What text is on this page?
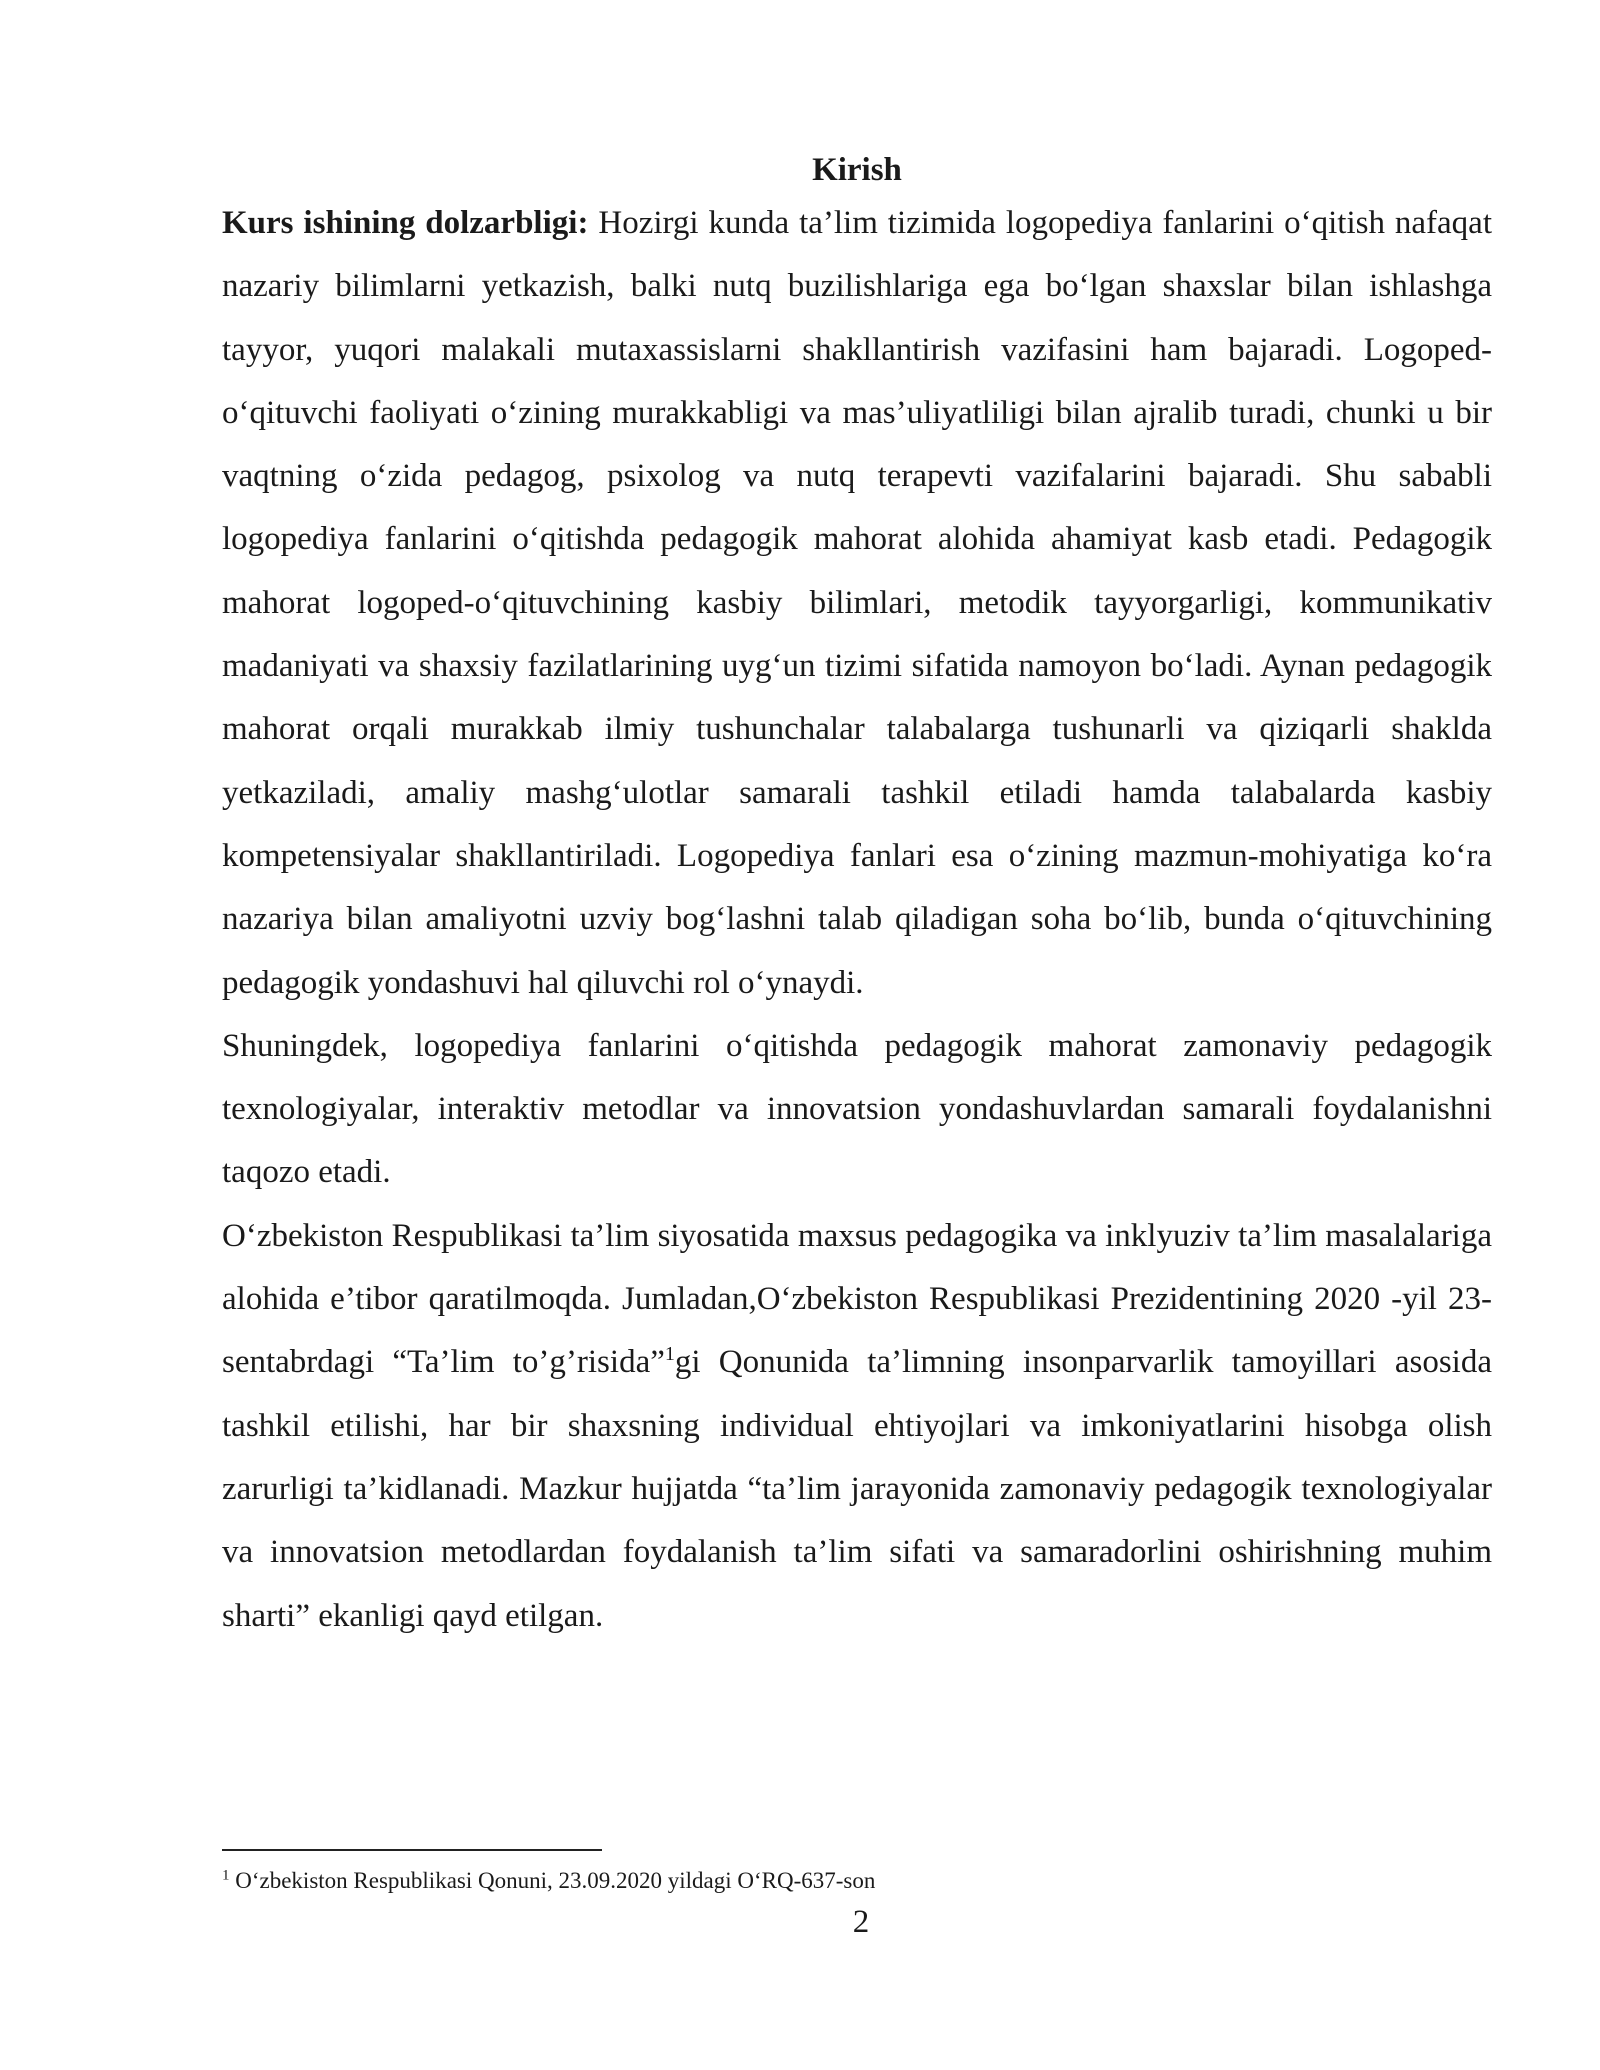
Kirish

Kurs ishining dolzarbligi: Hozirgi kunda ta’lim tizimida logopediya fanlarini o‘qitish nafaqat nazariy bilimlarni yetkazish, balki nutq buzilishlariga ega bo‘lgan shaxslar bilan ishlashga tayyor, yuqori malakali mutaxassislarni shakllantirish vazifasini ham bajaradi. Logoped-o‘qituvchi faoliyati o‘zining murakkabligi va mas’uliyatliligi bilan ajralib turadi, chunki u bir vaqtning o‘zida pedagog, psixolog va nutq terapevti vazifalarini bajaradi. Shu sababli logopediya fanlarini o‘qitishda pedagogik mahorat alohida ahamiyat kasb etadi. Pedagogik mahorat logoped-o‘qituvchining kasbiy bilimlari, metodik tayyorgarligi, kommunikativ madaniyati va shaxsiy fazilatlarining uyg‘un tizimi sifatida namoyon bo‘ladi. Aynan pedagogik mahorat orqali murakkab ilmiy tushunchalar talabalarga tushunarli va qiziqarli shaklda yetkaziladi, amaliy mashg‘ulotlar samarali tashkil etiladi hamda talabalarda kasbiy kompetensiyalar shakllantiriladi. Logopediya fanlari esa o‘zining mazmun-mohiyatiga ko‘ra nazariya bilan amaliyotni uzviy bog‘lashni talab qiladigan soha bo‘lib, bunda o‘qituvchining pedagogik yondashuvi hal qiluvchi rol o‘ynaydi.

Shuningdek, logopediya fanlarini o‘qitishda pedagogik mahorat zamonaviy pedagogik texnologiyalar, interaktiv metodlar va innovatsion yondashuvlardan samarali foydalanishni taqozo etadi.

O‘zbekiston Respublikasi ta’lim siyosatida maxsus pedagogika va inklyuziv ta’lim masalalariga alohida e’tibor qaratilmoqda. Jumladan,O‘zbekiston Respublikasi Prezidentining 2020 -yil 23-sentabrdagi “Ta’lim to’g’risida”$^1$gi Qonunida ta’limning insonparvarlik tamoyillari asosida tashkil etilishi, har bir shaxsning individual ehtiyojlari va imkoniyatlarini hisobga olish zarurligi ta’kidlanadi. Mazkur hujjatda “ta’lim jarayonida zamonaviy pedagogik texnologiyalar va innovatsion metodlardan foydalanish ta’lim sifati va samaradorlini oshirishning muhim sharti” ekanligi qayd etilgan.

$^1$ O‘zbekiston Respublikasi Qonuni, 23.09.2020 yildagi O‘RQ-637-son

2
